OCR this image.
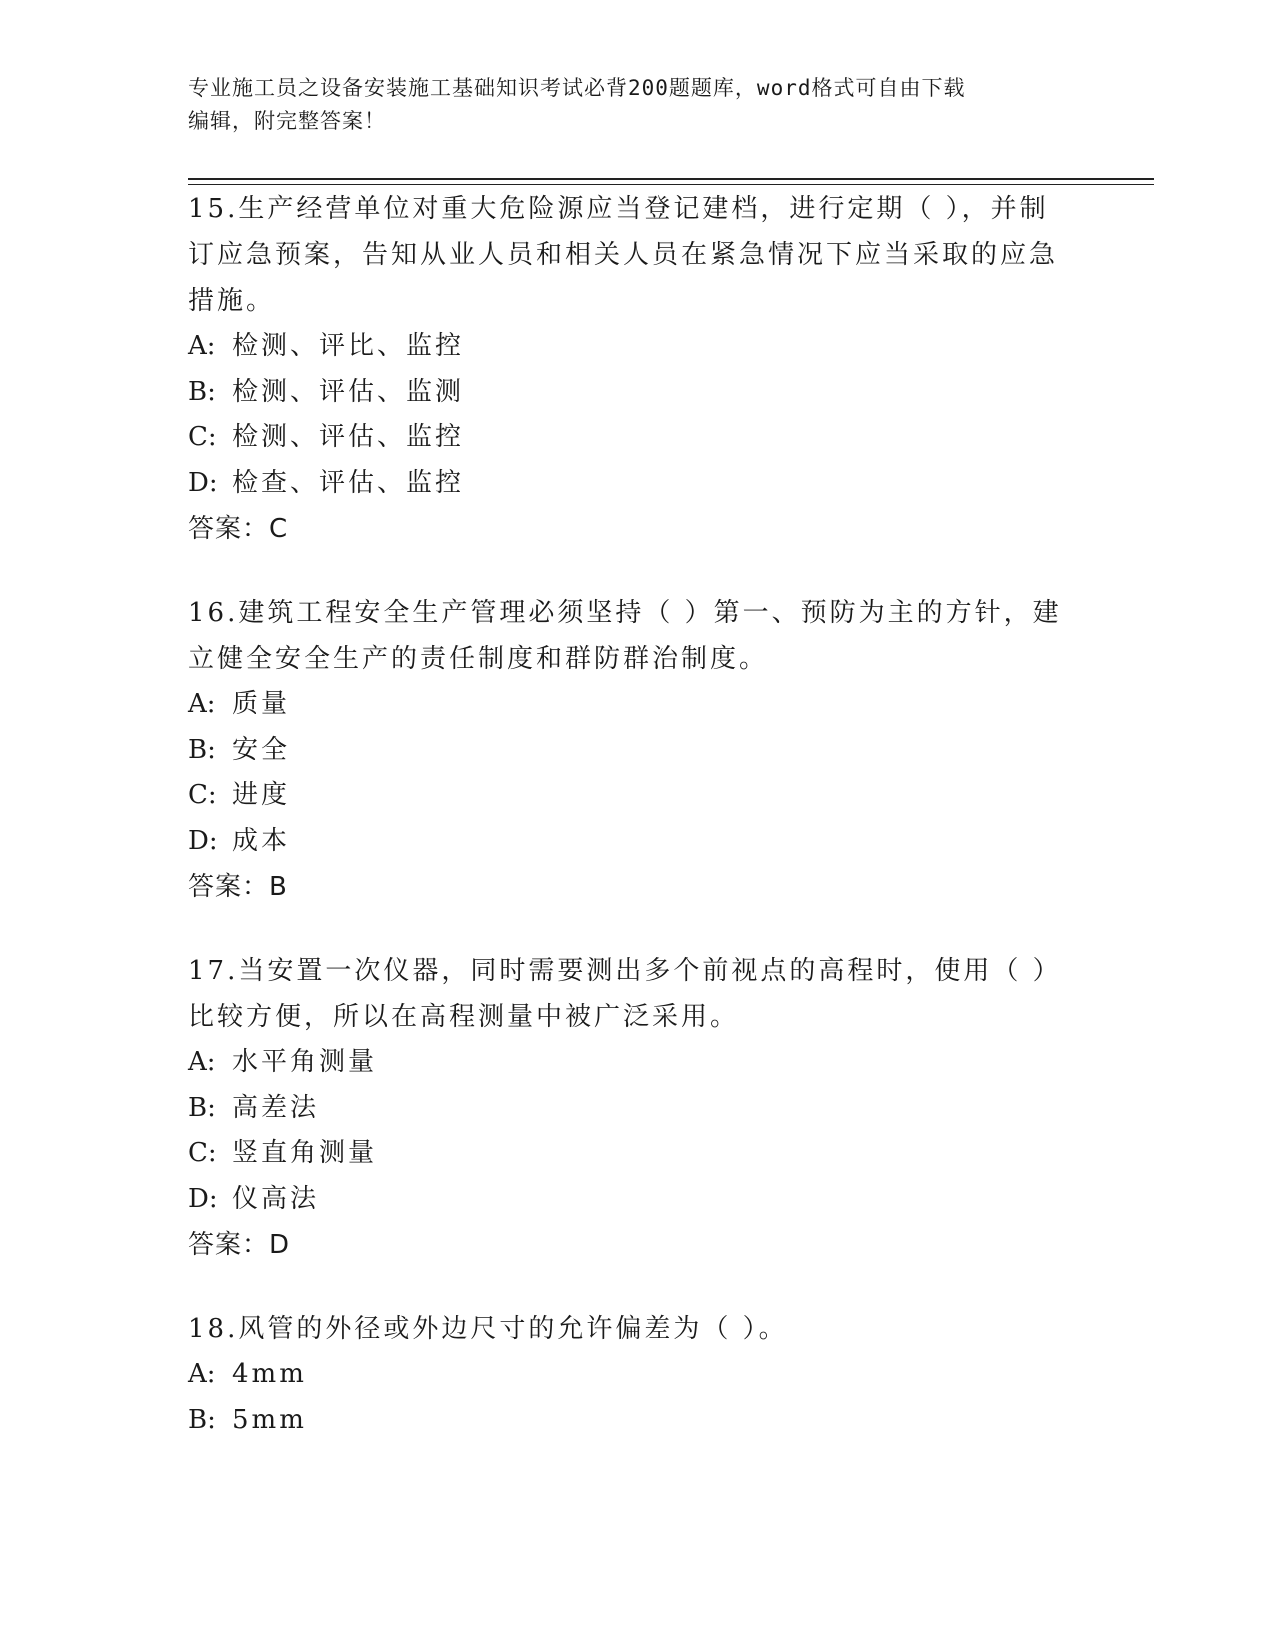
专业施工员之设备安装施工基础知识考试必背200题题库，word格式可自由下载
编辑，附完整答案！

15.生产经营单位对重大危险源应当登记建档，进行定期（ ），并制订应急预案，告知从业人员和相关人员在紧急情况下应当采取的应急措施。

A: 检测、评比、监控
B: 检测、评估、监测
C: 检测、评估、监控
D: 检查、评估、监控
答案：C

16.建筑工程安全生产管理必须坚持（ ）第一、预防为主的方针，建立健全安全生产的责任制度和群防群治制度。

A: 质量
B: 安全
C: 进度
D: 成本
答案：B

17.当安置一次仪器，同时需要测出多个前视点的高程时，使用（ ）比较方便，所以在高程测量中被广泛采用。

A: 水平角测量
B: 高差法
C: 竖直角测量
D: 仪高法
答案：D

18.风管的外径或外边尺寸的允许偏差为（ ）。

A: 4mm
B: 5mm
